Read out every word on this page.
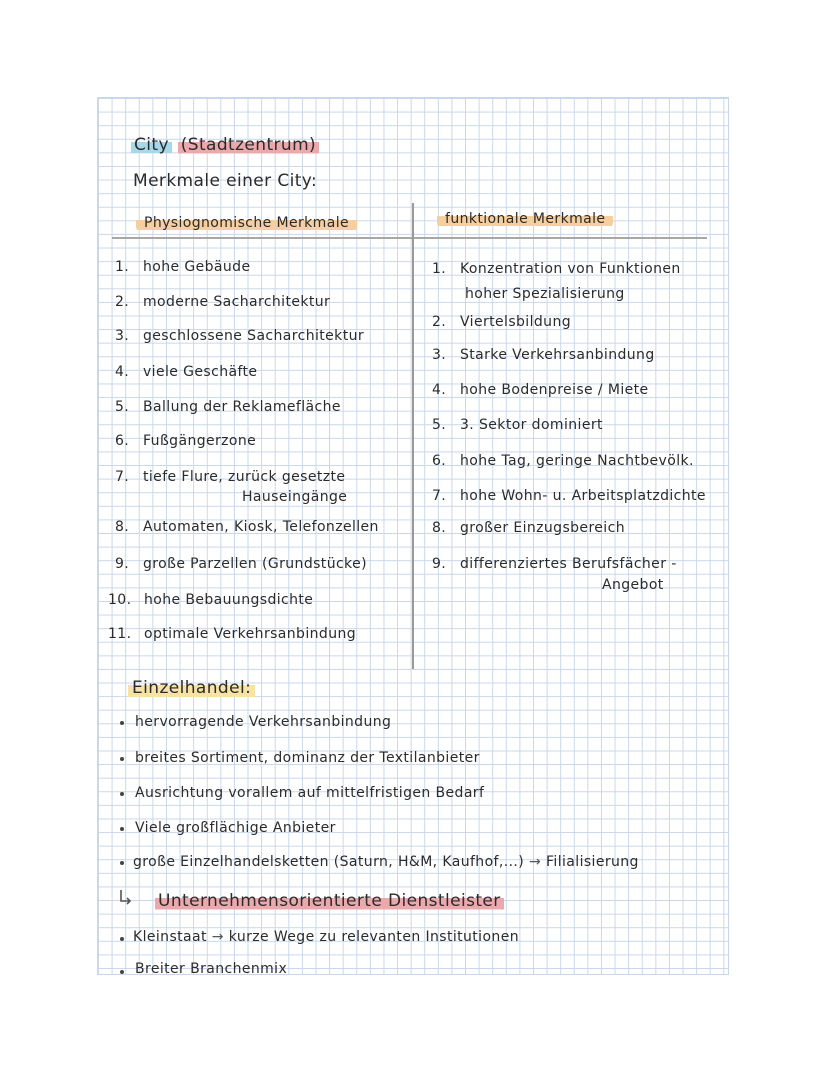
City (Stadtzentrum)
Merkmale einer City:
Physiognomische Merkmale	funktionale Merkmale
1. hohe Gebäude
2. moderne Sacharchitektur
3. geschlossene Sacharchitektur
4. viele Geschäfte
5. Ballung der Reklamefläche
6. Fußgängerzone
7. tiefe Flure, zurück gesetzte
Hauseingänge
8. Automaten, Kiosk, Telefonzellen
9. große Parzellen (Grundstücke)
10. hohe Bebauungsdichte
11. optimale Verkehrsanbindung
1. Konzentration von Funktionen
hoher Spezialisierung
2. Viertelsbildung
3. Starke Verkehrsanbindung
4. hohe Bodenpreise / Miete
5. 3. Sektor dominiert
6. hohe Tag, geringe Nachtbevölk.
7. hohe Wohn- u. Arbeitsplatzdichte
8. großer Einzugsbereich
9. differenziertes Berufsfächer -
Angebot
Einzelhandel:
hervorragende Verkehrsanbindung
breites Sortiment, dominanz der Textilanbieter
Ausrichtung vorallem auf mittelfristigen Bedarf
Viele großflächige Anbieter
große Einzelhandelsketten (Saturn, H&M, Kaufhof,...) → Filialisierung
Unternehmensorientierte Dienstleister
Kleinstaat → kurze Wege zu relevanten Institutionen
Breiter Branchenmix
